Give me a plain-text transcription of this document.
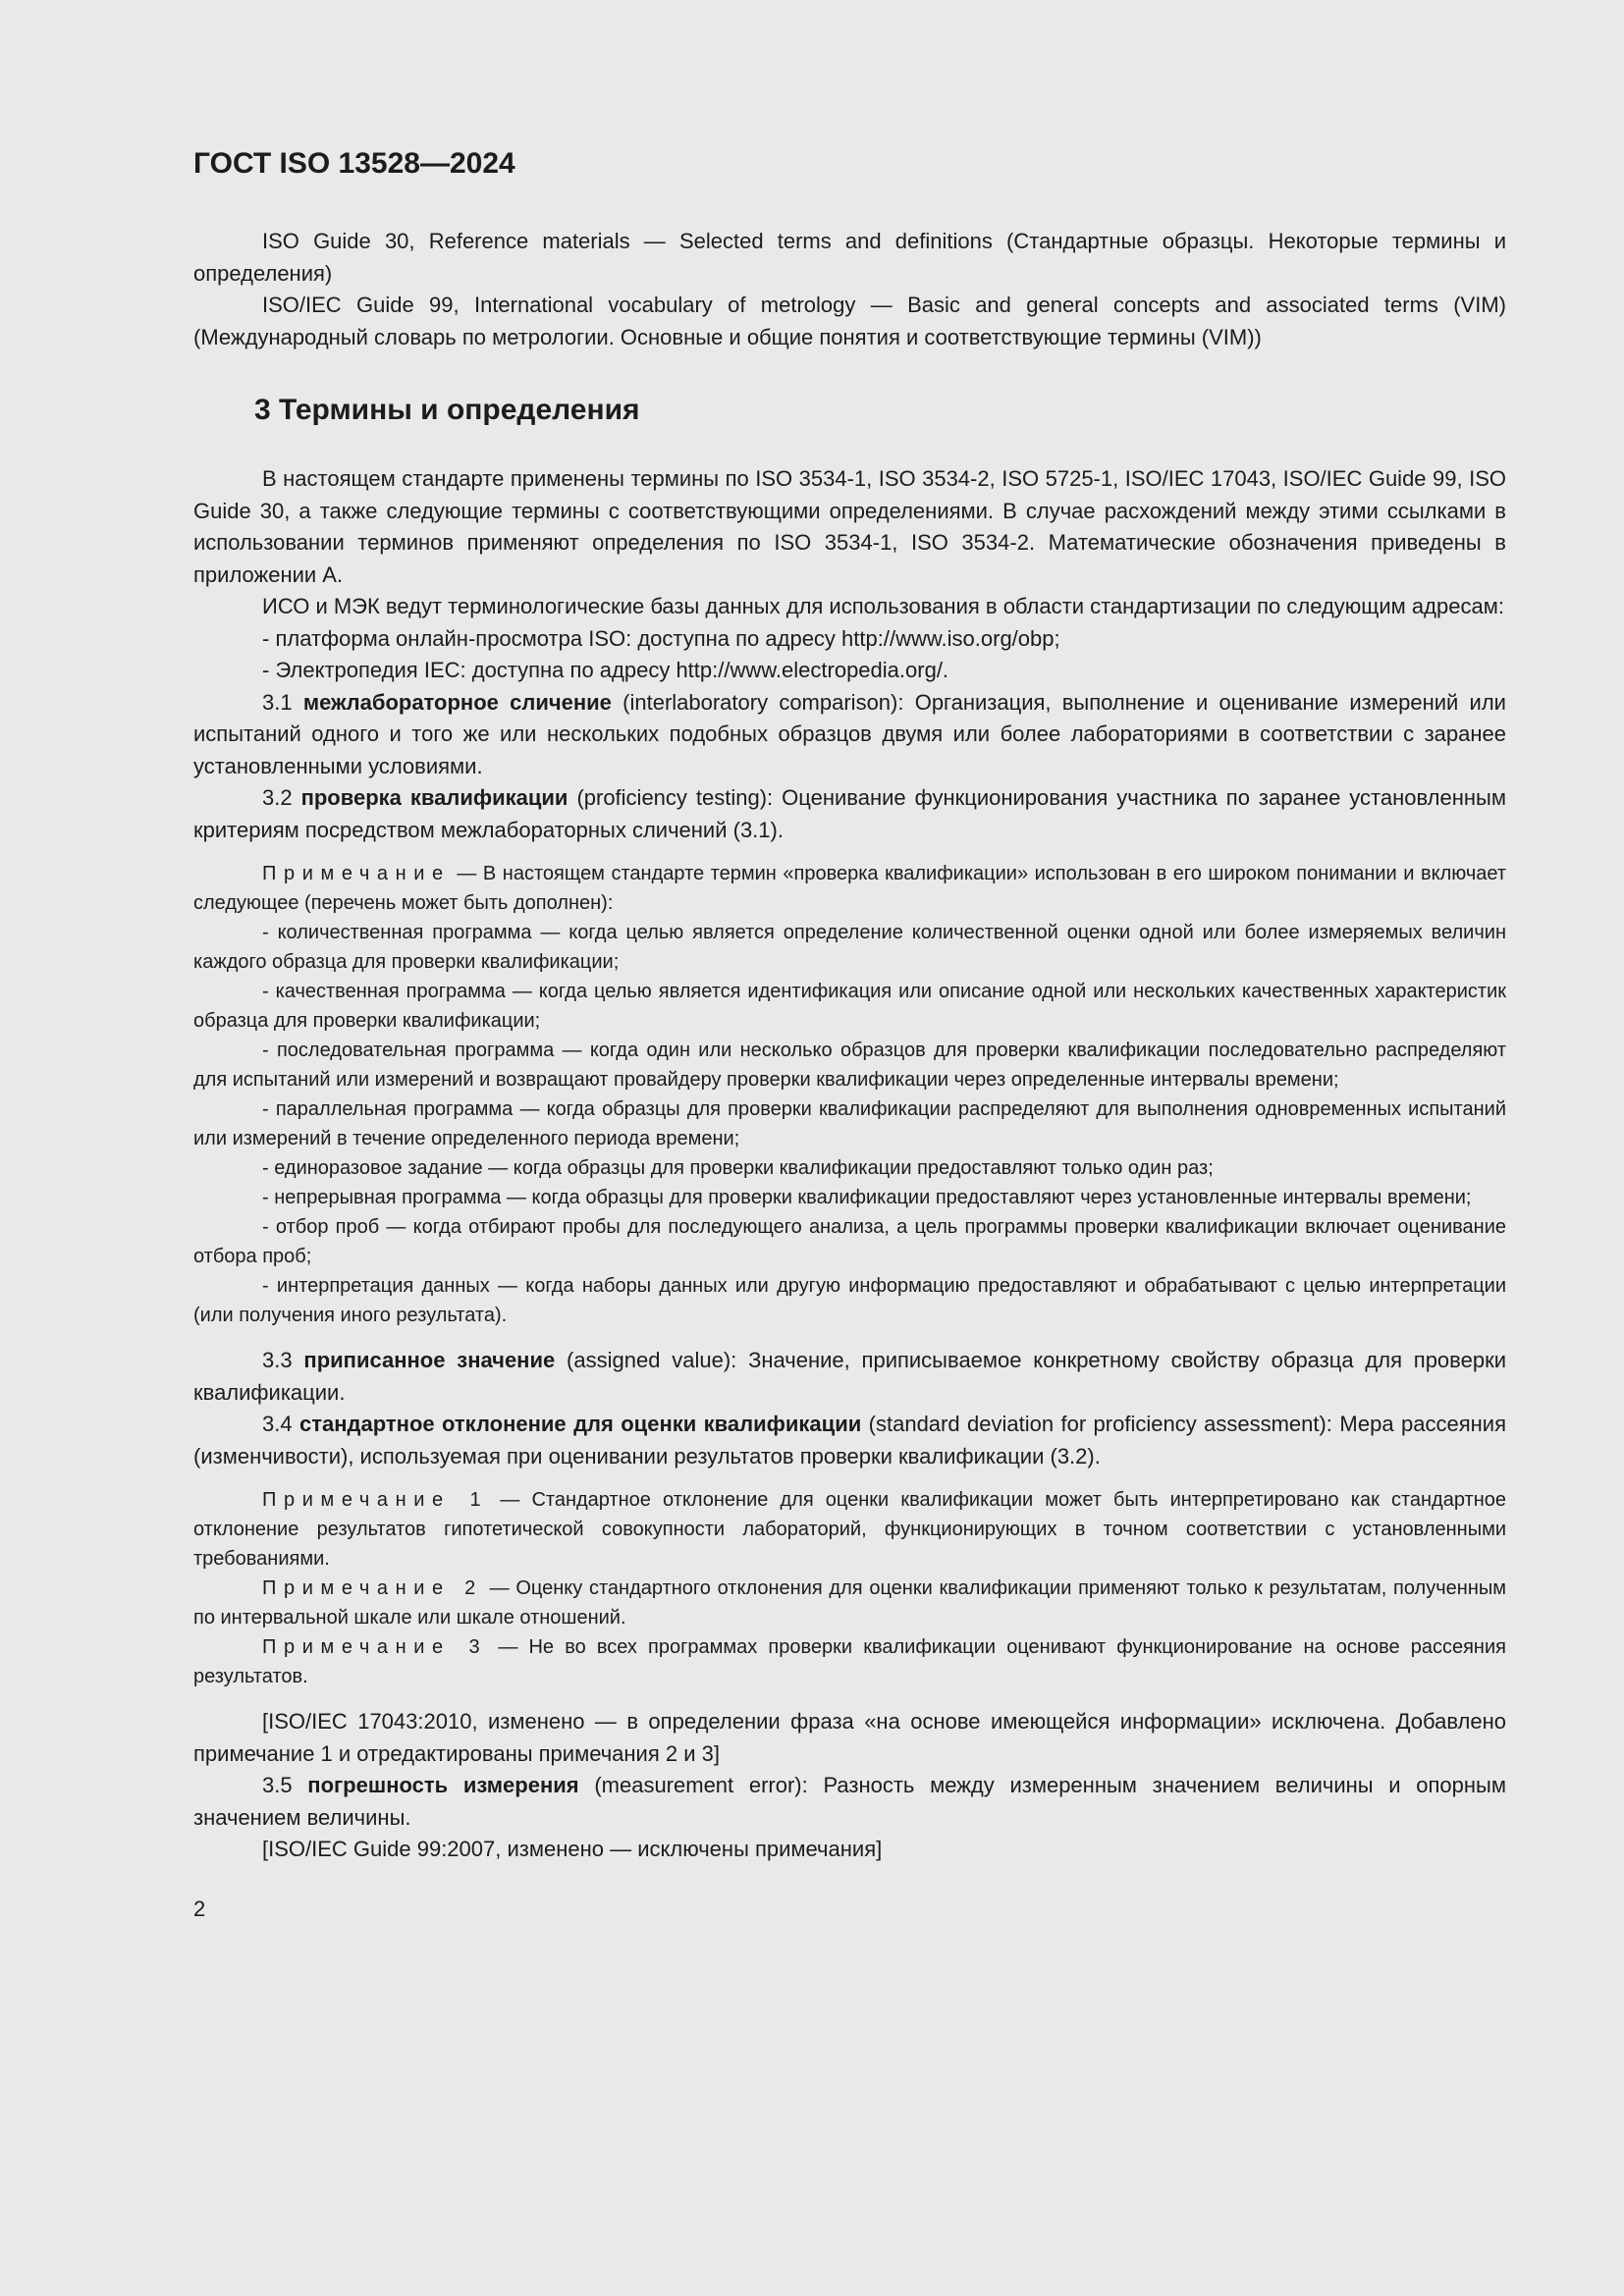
ГОСТ ISO 13528—2024

ISO Guide 30, Reference materials — Selected terms and definitions (Стандартные образцы. Некоторые термины и определения)

ISO/IEC Guide 99, International vocabulary of metrology — Basic and general concepts and associated terms (VIM) (Международный словарь по метрологии. Основные и общие понятия и соответствующие термины (VIM))

3 Термины и определения

В настоящем стандарте применены термины по ISO 3534-1, ISO 3534-2, ISO 5725-1, ISO/IEC 17043, ISO/IEC Guide 99, ISO Guide 30, а также следующие термины с соответствующими определениями. В случае расхождений между этими ссылками в использовании терминов применяют определения по ISO 3534-1, ISO 3534-2. Математические обозначения приведены в приложении А.

ИСО и МЭК ведут терминологические базы данных для использования в области стандартизации по следующим адресам:

- платформа онлайн-просмотра ISO: доступна по адресу http://www.iso.org/obp;

- Электропедия IEC: доступна по адресу http://www.electropedia.org/.

3.1 межлабораторное сличение (interlaboratory comparison): Организация, выполнение и оценивание измерений или испытаний одного и того же или нескольких подобных образцов двумя или более лабораториями в соответствии с заранее установленными условиями.

3.2 проверка квалификации (proficiency testing): Оценивание функционирования участника по заранее установленным критериям посредством межлабораторных сличений (3.1).

Примечание — В настоящем стандарте термин «проверка квалификации» использован в его широком понимании и включает следующее (перечень может быть дополнен):

- количественная программа — когда целью является определение количественной оценки одной или более измеряемых величин каждого образца для проверки квалификации;

- качественная программа — когда целью является идентификация или описание одной или нескольких качественных характеристик образца для проверки квалификации;

- последовательная программа — когда один или несколько образцов для проверки квалификации последовательно распределяют для испытаний или измерений и возвращают провайдеру проверки квалификации через определенные интервалы времени;

- параллельная программа — когда образцы для проверки квалификации распределяют для выполнения одновременных испытаний или измерений в течение определенного периода времени;

- единоразовое задание — когда образцы для проверки квалификации предоставляют только один раз;

- непрерывная программа — когда образцы для проверки квалификации предоставляют через установленные интервалы времени;

- отбор проб — когда отбирают пробы для последующего анализа, а цель программы проверки квалификации включает оценивание отбора проб;

- интерпретация данных — когда наборы данных или другую информацию предоставляют и обрабатывают с целью интерпретации (или получения иного результата).

3.3 приписанное значение (assigned value): Значение, приписываемое конкретному свойству образца для проверки квалификации.

3.4 стандартное отклонение для оценки квалификации (standard deviation for proficiency assessment): Мера рассеяния (изменчивости), используемая при оценивании результатов проверки квалификации (3.2).

Примечание 1 — Стандартное отклонение для оценки квалификации может быть интерпретировано как стандартное отклонение результатов гипотетической совокупности лабораторий, функционирующих в точном соответствии с установленными требованиями.

Примечание 2 — Оценку стандартного отклонения для оценки квалификации применяют только к результатам, полученным по интервальной шкале или шкале отношений.

Примечание 3 — Не во всех программах проверки квалификации оценивают функционирование на основе рассеяния результатов.

[ISO/IEC 17043:2010, изменено — в определении фраза «на основе имеющейся информации» исключена. Добавлено примечание 1 и отредактированы примечания 2 и 3]

3.5 погрешность измерения (measurement error): Разность между измеренным значением величины и опорным значением величины.

[ISO/IEC Guide 99:2007, изменено — исключены примечания]

2
